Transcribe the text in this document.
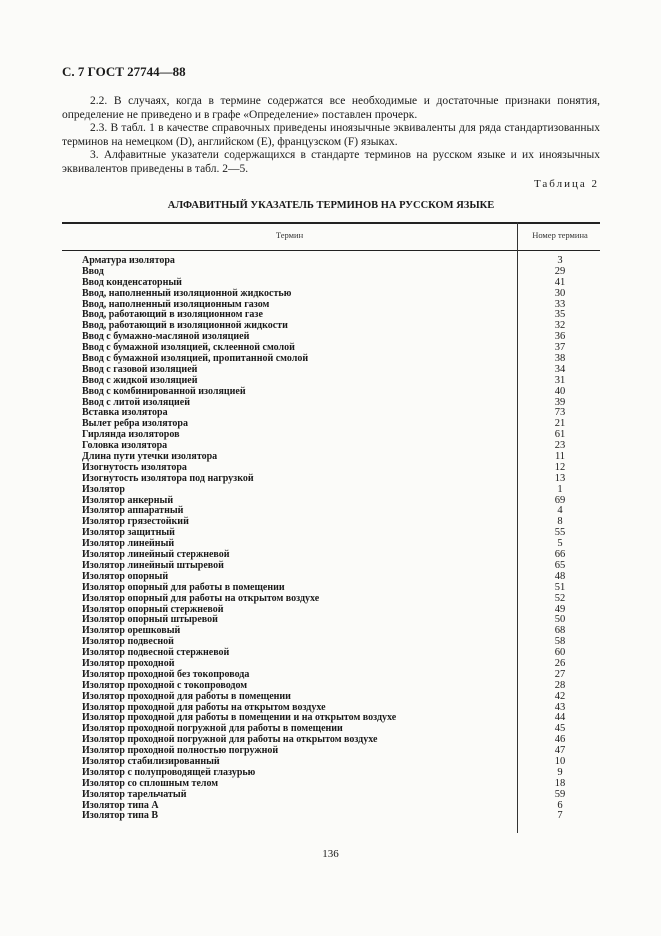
С. 7 ГОСТ 27744—88

2.2. В случаях, когда в термине содержатся все необходимые и достаточные признаки понятия, определение не приведено и в графе «Определение» поставлен прочерк.

2.3. В табл. 1 в качестве справочных приведены иноязычные эквиваленты для ряда стандартизованных терминов на немецком (D), английском (E), французском (F) языках.

3. Алфавитные указатели содержащихся в стандарте терминов на русском языке и их иноязычных эквивалентов приведены в табл. 2—5.

Таблица 2
АЛФАВИТНЫЙ УКАЗАТЕЛЬ ТЕРМИНОВ НА РУССКОМ ЯЗЫКЕ
Термин	Номер термина
Арматура изолятора	3
Ввод	29
Ввод конденсаторный	41
Ввод, наполненный изоляционной жидкостью	30
Ввод, наполненный изоляционным газом	33
Ввод, работающий в изоляционном газе	35
Ввод, работающий в изоляционной жидкости	32
Ввод с бумажно-масляной изоляцией	36
Ввод с бумажной изоляцией, склеенной смолой	37
Ввод с бумажной изоляцией, пропитанной смолой	38
Ввод с газовой изоляцией	34
Ввод с жидкой изоляцией	31
Ввод с комбинированной изоляцией	40
Ввод с литой изоляцией	39
Вставка изолятора	73
Вылет ребра изолятора	21
Гирлянда изоляторов	61
Головка изолятора	23
Длина пути утечки изолятора	11
Изогнутость изолятора	12
Изогнутость изолятора под нагрузкой	13
Изолятор	1
Изолятор анкерный	69
Изолятор аппаратный	4
Изолятор грязестойкий	8
Изолятор защитный	55
Изолятор линейный	5
Изолятор линейный стержневой	66
Изолятор линейный штыревой	65
Изолятор опорный	48
Изолятор опорный для работы в помещении	51
Изолятор опорный для работы на открытом воздухе	52
Изолятор опорный стержневой	49
Изолятор опорный штыревой	50
Изолятор орешковый	68
Изолятор подвесной	58
Изолятор подвесной стержневой	60
Изолятор проходной	26
Изолятор проходной без токопровода	27
Изолятор проходной с токопроводом	28
Изолятор проходной для работы в помещении	42
Изолятор проходной для работы на открытом воздухе	43
Изолятор проходной для работы в помещении и на открытом воздухе	44
Изолятор проходной погружной для работы в помещении	45
Изолятор проходной погружной для работы на открытом воздухе	46
Изолятор проходной полностью погружной	47
Изолятор стабилизированный	10
Изолятор с полупроводящей глазурью	9
Изолятор со сплошным телом	18
Изолятор тарельчатый	59
Изолятор типа А	6
Изолятор типа В	7
136
